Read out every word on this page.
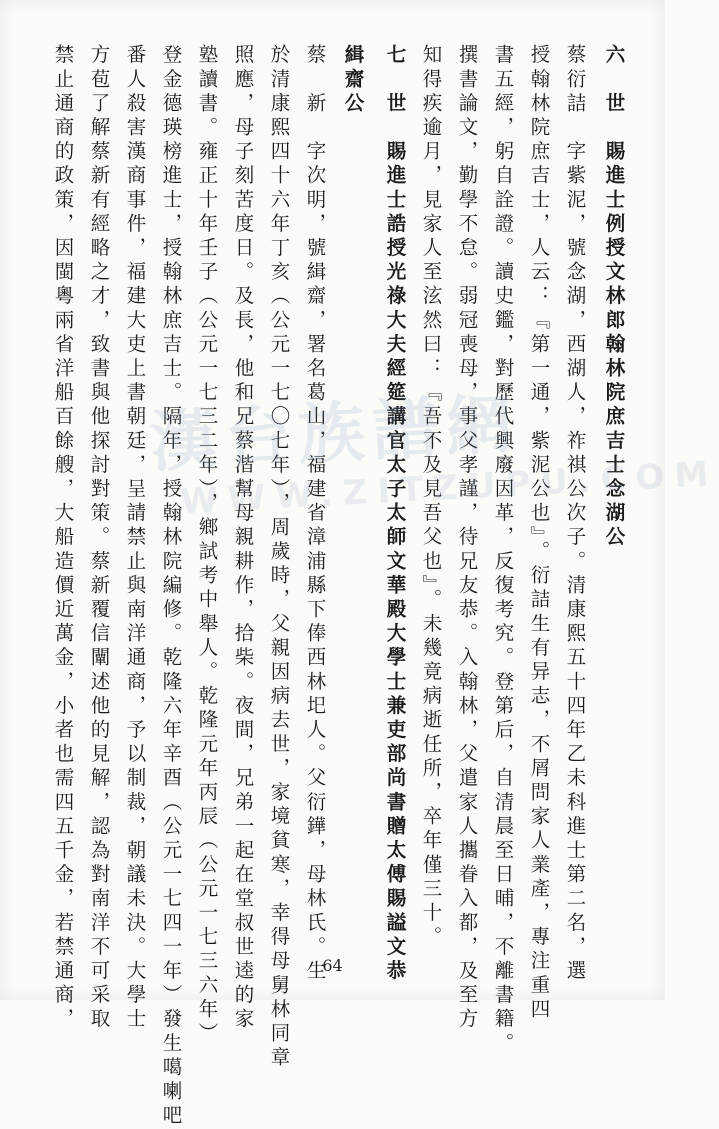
六　世　賜進士例授文林郎翰林院庶吉士念湖公
蔡衍詰　字紫泥，號念湖，西湖人，祚祺公次子。清康熙五十四年乙未科進士第二名，選
授翰林院庶吉士，人云：『第一通，紫泥公也』。衍詰生有异志，不屑問家人業產，專注重四
書五經，躬自詮證。讀史鑑，對歷代興廢因革，反復考究。登第后，自清晨至日晡，不離書籍。
撰書論文，勤學不怠。弱冠喪母，事父孝謹，待兄友恭。入翰林，父遣家人攜眷入都，及至方
知得疾逾月，見家人至泫然曰：『吾不及見吾父也』。未幾竟病逝任所，卒年僅三十。
七　世　賜進士誥授光祿大夫經筵講官太子太師文華殿大學士兼吏部尚書贈太傅賜謚文恭
緝齋公
蔡　新　字次明，號緝齋，署名葛山，福建省漳浦縣下俸西林圯人。父衍鏵，母林氏。生
於清康熙四十六年丁亥（公元一七〇七年），周歲時，父親因病去世，家境貧寒，幸得母舅林同章
照應，母子刻苦度日。及長，他和兄蔡湝幫母親耕作，拾柴。夜間，兄弟一起在堂叔世逵的家
塾讀書。雍正十年壬子（公元一七三二年），鄉試考中舉人。乾隆元年丙辰（公元一七三六年）
登金德瑛榜進士，授翰林庶吉士。隔年，授翰林院編修。乾隆六年辛酉（公元一七四一年）發生噶喇吧
番人殺害漢商事件，福建大吏上書朝廷，呈請禁止與南洋通商，予以制裁，朝議未決。大學士
方苞了解蔡新有經略之才，致書與他探討對策。蔡新覆信闡述他的見解，認為對南洋不可采取
禁止通商的政策，因閩粵兩省洋船百餘艘，大船造價近萬金，小者也需四五千金，若禁通商， 漢台族譜網
WWW.ZITZUPU.COM
64
